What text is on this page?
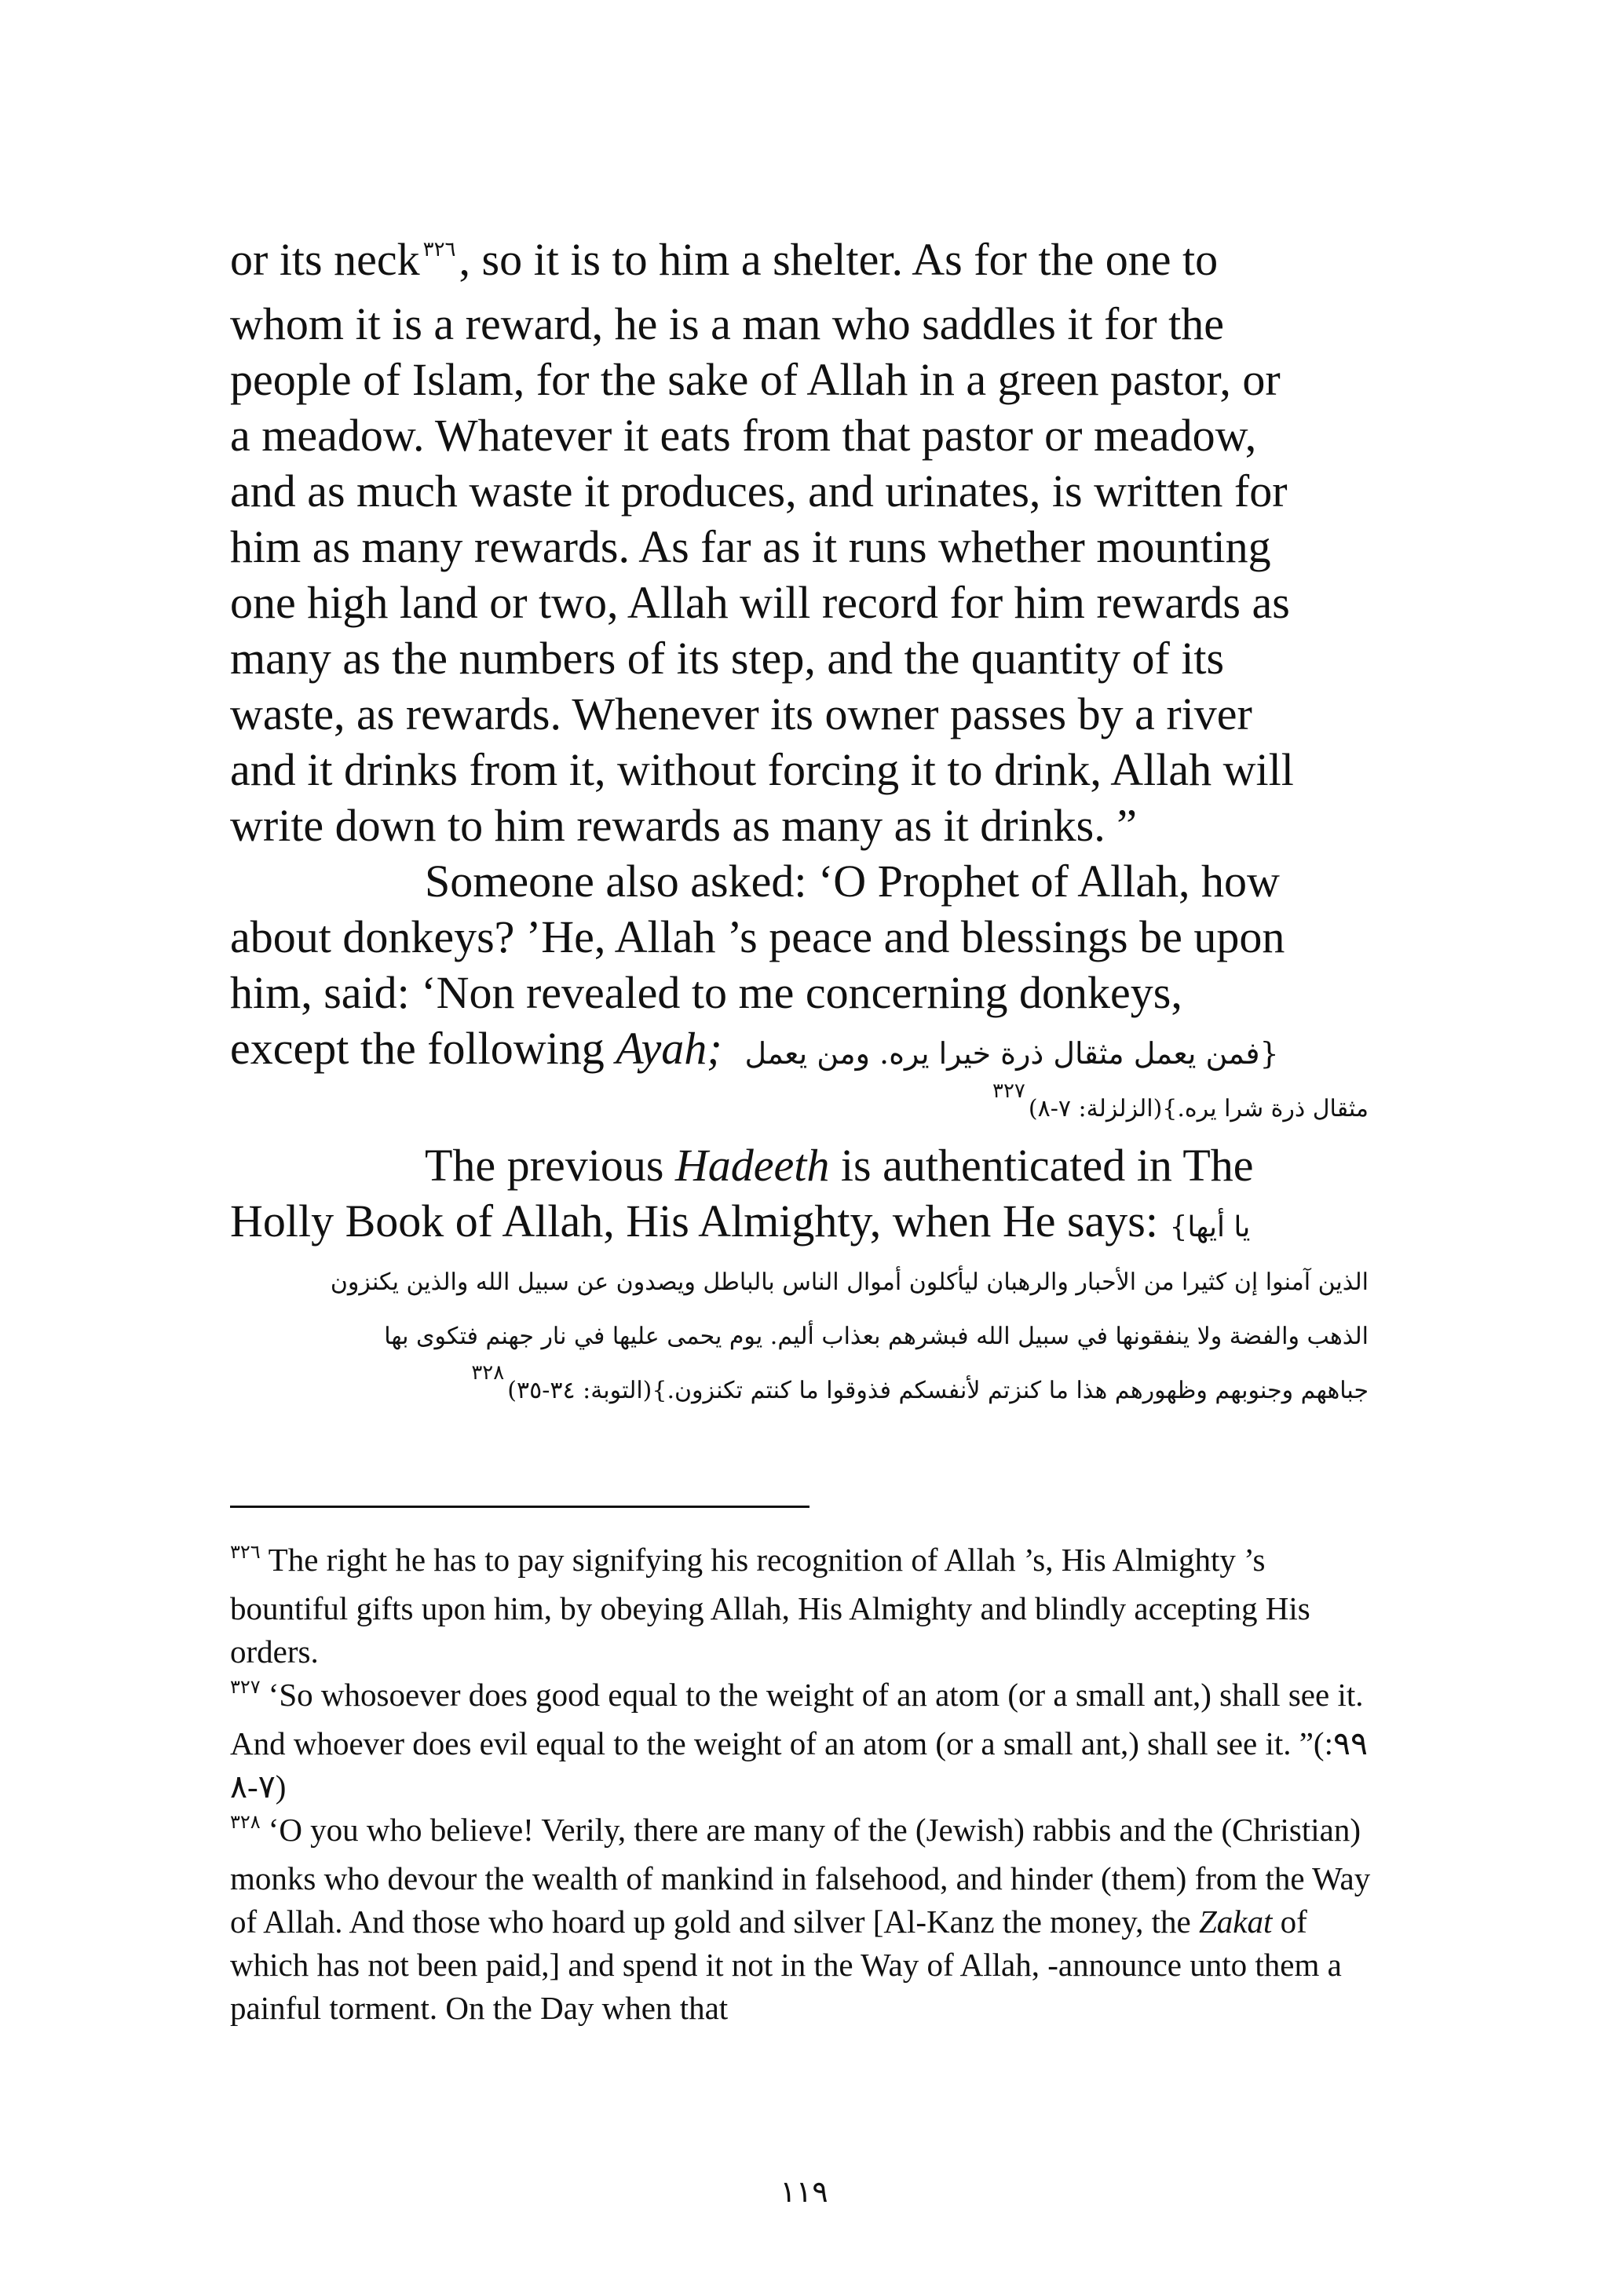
or its neck $^{٣٢٦}$, so it is to him a shelter. As for the one to
whom it is a reward, he is a man who saddles it for the
people of Islam, for the sake of Allah in a green pastor, or
a meadow. Whatever it eats from that pastor or meadow,
and as much waste it produces, and urinates, is written for
him as many rewards. As far as it runs whether mounting
one high land or two, Allah will record for him rewards as
many as the numbers of its step, and the quantity of its
waste, as rewards. Whenever its owner passes by a river
and it drinks from it, without forcing it to drink, Allah will
write down to him rewards as many as it drinks. ”
Someone also asked: ‘O Prophet of Allah, how
about donkeys? ’He, Allah ’s peace and blessings be upon
him, said: ‘Non revealed to me concerning donkeys,
except the following Ayah; {فمن يعمل مثقال ذرة خيرا يره. ومن يعمل
مثقال ذرة شرا يره.}(الزلزلة: ٧-٨)٣٢٧
The previous Hadeeth is authenticated in The
Holly Book of Allah, His Almighty, when He says: {يا أيها
الذين آمنوا إن كثيرا من الأحبار والرهبان ليأكلون أموال الناس بالباطل ويصدون عن سبيل الله والذين يكنزون
الذهب والفضة ولا ينفقونها في سبيل الله فبشرهم بعذاب أليم. يوم يحمى عليها في نار جهنم فتكوى بها
جباههم وجنوبهم وظهورهم هذا ما كنزتم لأنفسكم فذوقوا ما كنتم تكنزون.}(التوبة: ٣٤-٣٥)٣٢٨

$^{٣٢٦}$ The right he has to pay signifying his recognition of Allah ’s, His Almighty ’s bountiful gifts upon him, by obeying Allah, His Almighty and blindly accepting His orders.

$^{٣٢٧}$ ‘So whosoever does good equal to the weight of an atom (or a small ant,) shall see it. And whoever does evil equal to the weight of an atom (or a small ant,) shall see it. ”(٩٩: ٧-٨)

$^{٣٢٨}$ ‘O you who believe! Verily, there are many of the (Jewish) rabbis and the (Christian) monks who devour the wealth of mankind in falsehood, and hinder (them) from the Way of Allah. And those who hoard up gold and silver [Al-Kanz the money, the Zakat of which has not been paid,] and spend it not in the Way of Allah, -announce unto them a painful torment. On the Day when that

١١٩
